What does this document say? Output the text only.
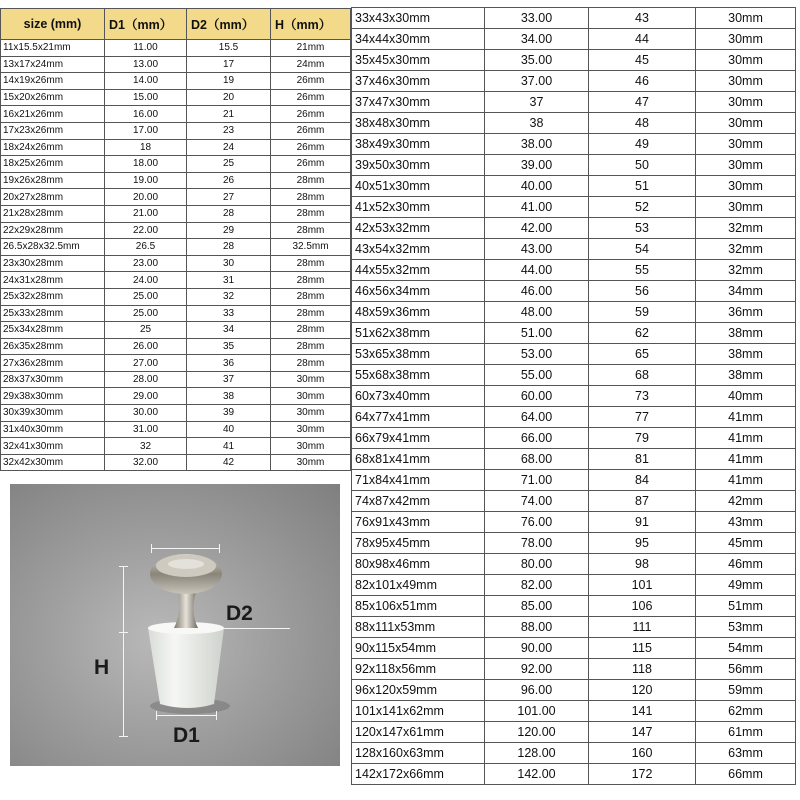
size (mm)	D1（mm）	D2（mm）	H（mm）
11x15.5x21mm	11.00	15.5	21mm
13x17x24mm	13.00	17	24mm
14x19x26mm	14.00	19	26mm
15x20x26mm	15.00	20	26mm
16x21x26mm	16.00	21	26mm
17x23x26mm	17.00	23	26mm
18x24x26mm	18	24	26mm
18x25x26mm	18.00	25	26mm
19x26x28mm	19.00	26	28mm
20x27x28mm	20.00	27	28mm
21x28x28mm	21.00	28	28mm
22x29x28mm	22.00	29	28mm
26.5x28x32.5mm	26.5	28	32.5mm
23x30x28mm	23.00	30	28mm
24x31x28mm	24.00	31	28mm
25x32x28mm	25.00	32	28mm
25x33x28mm	25.00	33	28mm
25x34x28mm	25	34	28mm
26x35x28mm	26.00	35	28mm
27x36x28mm	27.00	36	28mm
28x37x30mm	28.00	37	30mm
29x38x30mm	29.00	38	30mm
30x39x30mm	30.00	39	30mm
31x40x30mm	31.00	40	30mm
32x41x30mm	32	41	30mm
32x42x30mm	32.00	42	30mm
33x43x30mm	33.00	43	30mm
34x44x30mm	34.00	44	30mm
35x45x30mm	35.00	45	30mm
37x46x30mm	37.00	46	30mm
37x47x30mm	37	47	30mm
38x48x30mm	38	48	30mm
38x49x30mm	38.00	49	30mm
39x50x30mm	39.00	50	30mm
40x51x30mm	40.00	51	30mm
41x52x30mm	41.00	52	30mm
42x53x32mm	42.00	53	32mm
43x54x32mm	43.00	54	32mm
44x55x32mm	44.00	55	32mm
46x56x34mm	46.00	56	34mm
48x59x36mm	48.00	59	36mm
51x62x38mm	51.00	62	38mm
53x65x38mm	53.00	65	38mm
55x68x38mm	55.00	68	38mm
60x73x40mm	60.00	73	40mm
64x77x41mm	64.00	77	41mm
66x79x41mm	66.00	79	41mm
68x81x41mm	68.00	81	41mm
71x84x41mm	71.00	84	41mm
74x87x42mm	74.00	87	42mm
76x91x43mm	76.00	91	43mm
78x95x45mm	78.00	95	45mm
80x98x46mm	80.00	98	46mm
82x101x49mm	82.00	101	49mm
85x106x51mm	85.00	106	51mm
88x111x53mm	88.00	111	53mm
90x115x54mm	90.00	115	54mm
92x118x56mm	92.00	118	56mm
96x120x59mm	96.00	120	59mm
101x141x62mm	101.00	141	62mm
120x147x61mm	120.00	147	61mm
128x160x63mm	128.00	160	63mm
142x172x66mm	142.00	172	66mm
D2
H
D1
